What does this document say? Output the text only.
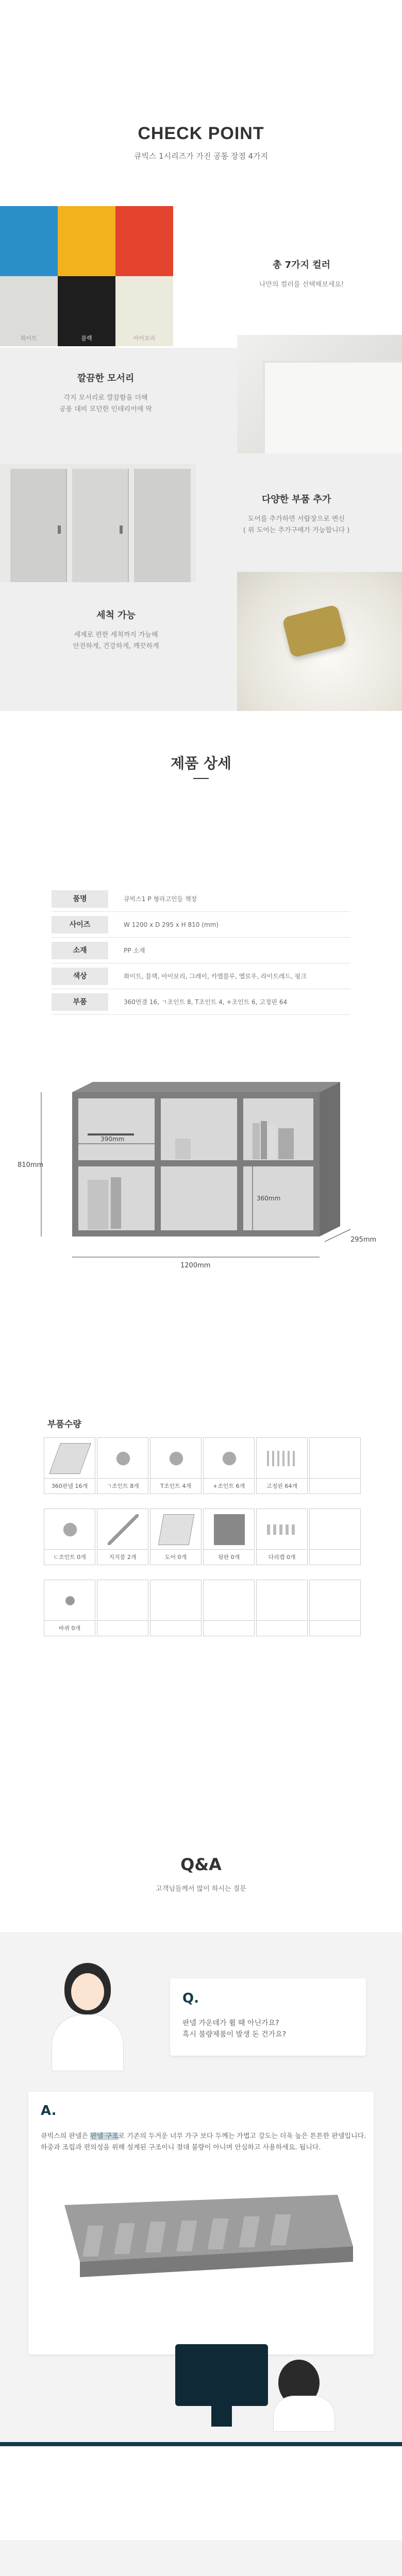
CHECK POINT
큐빅스 1시리즈가 가진 공통 장점 4가지
화이트	블랙	아이보리
총 7가지 컬러

나만의 컬러를 선택해보세요!

깔끔한 모서리

각지 모서리로 깔끔함을 더해
공용 대비 모던한 인테리어에 딱

다양한 부품 추가

도어를 추가하면 서랍장으로 변신
( 위 도어는 추가구매가 가능합니다 )

세척 가능

세제로 편한 세척까지 가능해
안전하게, 건강하게, 깨끗하게

제품 상세
품명	큐빅스1 P 형라고민들 책장
사이즈	W 1200 x D 295 x H 810 (mm)
소재	PP 소재
색상	화이트, 블랙, 아이보리, 그레이, 카멜블루, 옐로우, 라이트레드, 핑크
부품	360연결 16, ㄱ조인트 8, T조인트 4, +조인트 6, 고정핀 64
810mm
1200mm
295mm
390mm
360mm
부품수량
360판넬 16개	ㄱ조인트 8개	T조인트 4개	+조인트 6개	고정핀 64개
ㄷ조인트 0개	지지봉 2개	도어 0개	뒷판 0개	다리캡 0개
바퀴 0개
Q&A
고객님들께서 많이 하시는 질문
Q.
판넬 가운데가 휠 때 아닌가요?
혹시 불량제품이 발생 돈 건가요?
A.
큐빅스의 판넬은 판넬 구조로 기존의 두거운 너무 가구 보다 두께는 가볍고 강도는 더욱 높은 튼튼한 판넬입니다. 하중과 조립과 편의성을 위해 설계된 구조이니 절대 불량이 아니며 안심하고 사용하세요. 됩니다.
